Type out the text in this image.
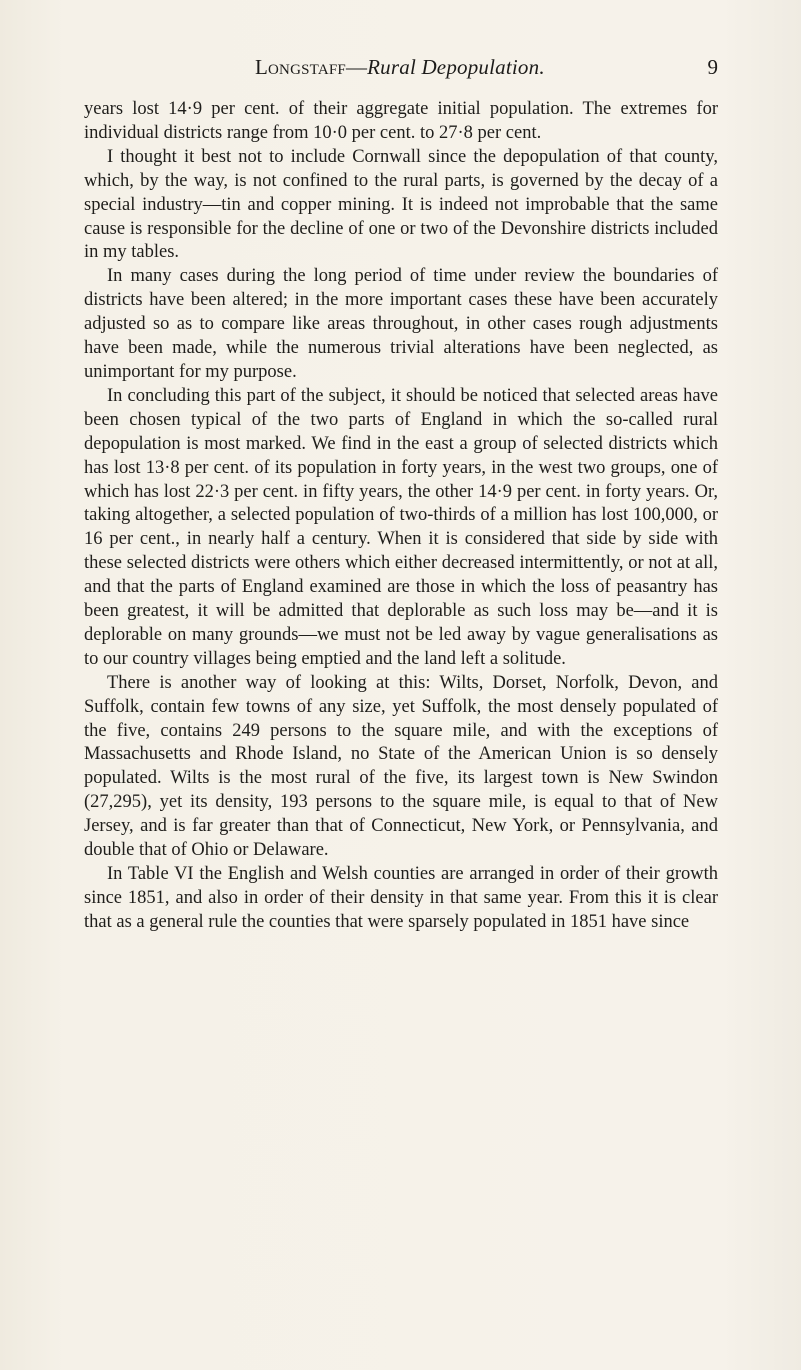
Longstaff—Rural Depopulation.	9

years lost 14·9 per cent. of their aggregate initial population. The extremes for individual districts range from 10·0 per cent. to 27·8 per cent.

I thought it best not to include Cornwall since the depopulation of that county, which, by the way, is not confined to the rural parts, is governed by the decay of a special industry—tin and copper mining. It is indeed not improbable that the same cause is responsible for the decline of one or two of the Devonshire districts included in my tables.

In many cases during the long period of time under review the boundaries of districts have been altered; in the more important cases these have been accurately adjusted so as to compare like areas throughout, in other cases rough adjustments have been made, while the numerous trivial alterations have been neglected, as unimportant for my purpose.

In concluding this part of the subject, it should be noticed that selected areas have been chosen typical of the two parts of England in which the so-called rural depopulation is most marked. We find in the east a group of selected districts which has lost 13·8 per cent. of its population in forty years, in the west two groups, one of which has lost 22·3 per cent. in fifty years, the other 14·9 per cent. in forty years. Or, taking altogether, a selected population of two-thirds of a million has lost 100,000, or 16 per cent., in nearly half a century. When it is considered that side by side with these selected districts were others which either decreased intermittently, or not at all, and that the parts of England examined are those in which the loss of peasantry has been greatest, it will be admitted that deplorable as such loss may be—and it is deplorable on many grounds—we must not be led away by vague generalisations as to our country villages being emptied and the land left a solitude.

There is another way of looking at this: Wilts, Dorset, Norfolk, Devon, and Suffolk, contain few towns of any size, yet Suffolk, the most densely populated of the five, contains 249 persons to the square mile, and with the exceptions of Massachusetts and Rhode Island, no State of the American Union is so densely populated. Wilts is the most rural of the five, its largest town is New Swindon (27,295), yet its density, 193 persons to the square mile, is equal to that of New Jersey, and is far greater than that of Connecticut, New York, or Pennsylvania, and double that of Ohio or Delaware.

In Table VI the English and Welsh counties are arranged in order of their growth since 1851, and also in order of their density in that same year. From this it is clear that as a general rule the counties that were sparsely populated in 1851 have since
